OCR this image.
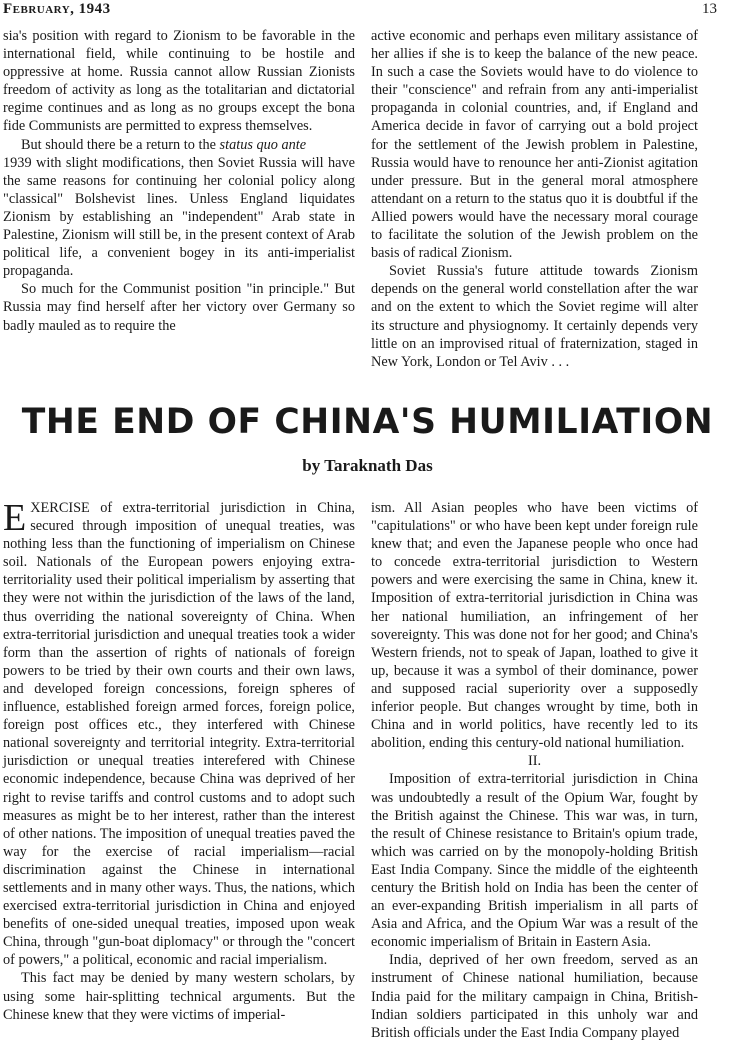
February, 1943	13

sia's position with regard to Zionism to be favorable in the international field, while continuing to be hostile and oppressive at home. Russia cannot allow Russian Zionists freedom of activity as long as the totalitarian and dictatorial regime continues and as long as no groups except the bona fide Communists are permitted to express themselves.

But should there be a return to the status quo ante
1939 with slight modifications, then Soviet Russia will have the same reasons for continuing her colonial policy along "classical" Bolshevist lines. Unless England liquidates Zionism by establishing an "independent" Arab state in Palestine, Zionism will still be, in the present context of Arab political life, a convenient bogey in its anti-imperialist propaganda.

So much for the Communist position "in principle." But Russia may find herself after her victory over Germany so badly mauled as to require the

active economic and perhaps even military assistance of her allies if she is to keep the balance of the new peace. In such a case the Soviets would have to do violence to their "conscience" and refrain from any anti-imperialist propaganda in colonial countries, and, if England and America decide in favor of carrying out a bold project for the settlement of the Jewish problem in Palestine, Russia would have to renounce her anti-Zionist agitation under pressure. But in the general moral atmosphere attendant on a return to the status quo it is doubtful if the Allied powers would have the necessary moral courage to facilitate the solution of the Jewish problem on the basis of radical Zionism.

Soviet Russia's future attitude towards Zionism depends on the general world constellation after the war and on the extent to which the Soviet regime will alter its structure and physiognomy. It certainly depends very little on an improvised ritual of fraternization, staged in New York, London or Tel Aviv . . .

THE END OF CHINA'S HUMILIATION
by Taraknath Das

EXERCISE of extra-territorial jurisdiction in China, secured through imposition of unequal treaties, was nothing less than the functioning of imperialism on Chinese soil. Nationals of the European powers enjoying extra-territoriality used their political imperialism by asserting that they were not within the jurisdiction of the laws of the land, thus overriding the national sovereignty of China. When extra-territorial jurisdiction and unequal treaties took a wider form than the assertion of rights of nationals of foreign powers to be tried by their own courts and their own laws, and developed foreign concessions, foreign spheres of influence, established foreign armed forces, foreign police, foreign post offices etc., they interfered with Chinese national sovereignty and territorial integrity. Extra-territorial jurisdiction or unequal treaties interefered with Chinese economic independence, because China was deprived of her right to revise tariffs and control customs and to adopt such measures as might be to her interest, rather than the interest of other nations. The imposition of unequal treaties paved the way for the exercise of racial imperialism—racial discrimination against the Chinese in international settlements and in many other ways. Thus, the nations, which exercised extra-territorial jurisdiction in China and enjoyed benefits of one-sided unequal treaties, imposed upon weak China, through "gun-boat diplomacy" or through the "concert of powers," a political, economic and racial imperialism.

This fact may be denied by many western scholars, by using some hair-splitting technical arguments. But the Chinese knew that they were victims of imperial-

ism. All Asian peoples who have been victims of "capitulations" or who have been kept under foreign rule knew that; and even the Japanese people who once had to concede extra-territorial jurisdiction to Western powers and were exercising the same in China, knew it. Imposition of extra-territorial jurisdiction in China was her national humiliation, an infringement of her sovereignty. This was done not for her good; and China's Western friends, not to speak of Japan, loathed to give it up, because it was a symbol of their dominance, power and supposed racial superiority over a supposedly inferior people. But changes wrought by time, both in China and in world politics, have recently led to its abolition, ending this century-old national humiliation.

II.

Imposition of extra-territorial jurisdiction in China was undoubtedly a result of the Opium War, fought by the British against the Chinese. This war was, in turn, the result of Chinese resistance to Britain's opium trade, which was carried on by the monopoly-holding British East India Company. Since the middle of the eighteenth century the British hold on India has been the center of an ever-expanding British imperialism in all parts of Asia and Africa, and the Opium War was a result of the economic imperialism of Britain in Eastern Asia.

India, deprived of her own freedom, served as an instrument of Chinese national humiliation, because India paid for the military campaign in China, British-Indian soldiers participated in this unholy war and British officials under the East India Company played
